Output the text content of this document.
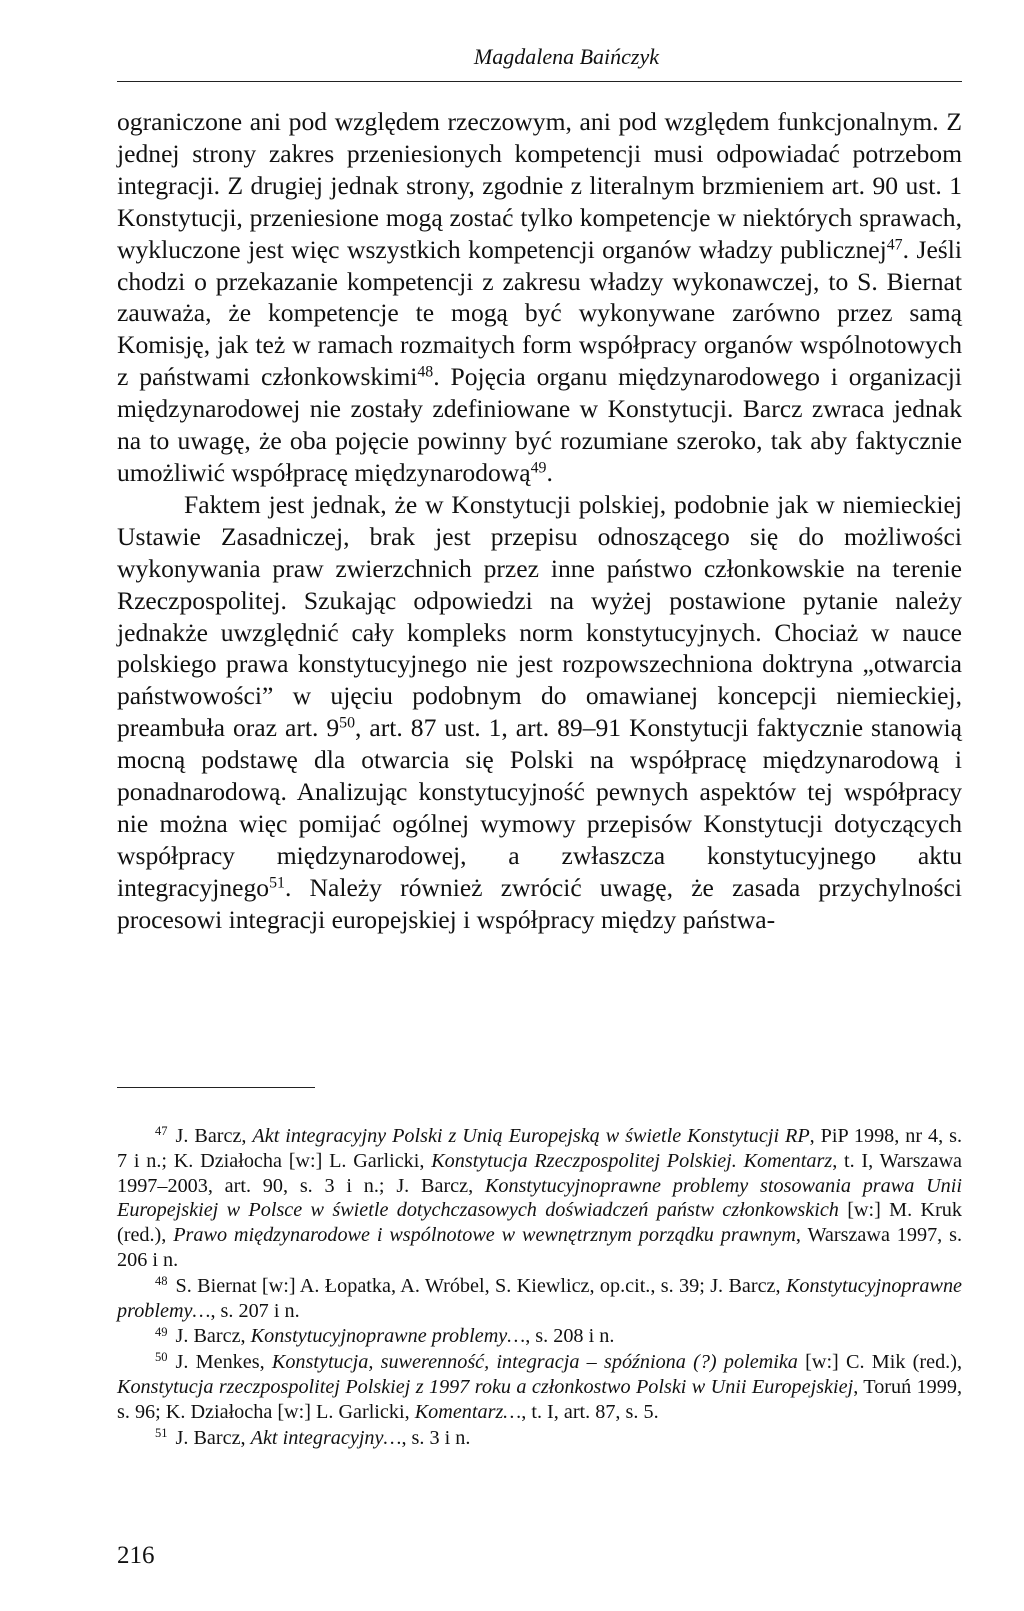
Magdalena Baińczyk

ograniczone ani pod względem rzeczowym, ani pod względem funkcjonalnym. Z jednej strony zakres przeniesionych kompetencji musi odpowiadać potrzebom integracji. Z drugiej jednak strony, zgodnie z literalnym brzmieniem art. 90 ust. 1 Konstytucji, przeniesione mogą zostać tylko kompetencje w niektórych sprawach, wykluczone jest więc wszystkich kompetencji organów władzy publicznej$^{47}$. Jeśli chodzi o przekazanie kompetencji z zakresu władzy wykonawczej, to S. Biernat zauważa, że kompetencje te mogą być wykonywane zarówno przez samą Komisję, jak też w ramach rozmaitych form współpracy organów wspólnotowych z państwami członkowskimi$^{48}$. Pojęcia organu międzynarodowego i organizacji międzynarodowej nie zostały zdefiniowane w Konstytucji. Barcz zwraca jednak na to uwagę, że oba pojęcie powinny być rozumiane szeroko, tak aby faktycznie umożliwić współpracę międzynarodową$^{49}$.

Faktem jest jednak, że w Konstytucji polskiej, podobnie jak w niemieckiej Ustawie Zasadniczej, brak jest przepisu odnoszącego się do możliwości wykonywania praw zwierzchnich przez inne państwo członkowskie na terenie Rzeczpospolitej. Szukając odpowiedzi na wyżej postawione pytanie należy jednakże uwzględnić cały kompleks norm konstytucyjnych. Chociaż w nauce polskiego prawa konstytucyjnego nie jest rozpowszechniona doktryna „otwarcia państwowości” w ujęciu podobnym do omawianej koncepcji niemieckiej, preambuła oraz art. $9^{50}$, art. 87 ust. 1, art. 89–91 Konstytucji faktycznie stanowią mocną podstawę dla otwarcia się Polski na współpracę międzynarodową i ponadnarodową. Analizując konstytucyjność pewnych aspektów tej współpracy nie można więc pomijać ogólnej wymowy przepisów Konstytucji dotyczących współpracy międzynarodowej, a zwłaszcza konstytucyjnego aktu integracyjnego$^{51}$. Należy również zwrócić uwagę, że zasada przychylności procesowi integracji europejskiej i współpracy między państwa-

$^{47}$ J. Barcz, Akt integracyjny Polski z Unią Europejską w świetle Konstytucji RP, PiP 1998, nr 4, s. 7 i n.; K. Działocha [w:] L. Garlicki, Konstytucja Rzeczpospolitej Polskiej. Komentarz, t. I, Warszawa 1997–2003, art. 90, s. 3 i n.; J. Barcz, Konstytucyjnoprawne problemy stosowania prawa Unii Europejskiej w Polsce w świetle dotychczasowych doświadczeń państw członkowskich [w:] M. Kruk (red.), Prawo międzynarodowe i wspólnotowe w wewnętrznym porządku prawnym, Warszawa 1997, s. 206 i n.

$^{48}$ S. Biernat [w:] A. Łopatka, A. Wróbel, S. Kiewlicz, op.cit., s. 39; J. Barcz, Konstytucyjnoprawne problemy…, s. 207 i n.

$^{49}$ J. Barcz, Konstytucyjnoprawne problemy…, s. 208 i n.

$^{50}$ J. Menkes, Konstytucja, suwerenność, integracja – spóźniona (?) polemika [w:] C. Mik (red.), Konstytucja rzeczpospolitej Polskiej z 1997 roku a członkostwo Polski w Unii Europejskiej, Toruń 1999, s. 96; K. Działocha [w:] L. Garlicki, Komentarz…, t. I, art. 87, s. 5.

$^{51}$ J. Barcz, Akt integracyjny…, s. 3 i n.

216
